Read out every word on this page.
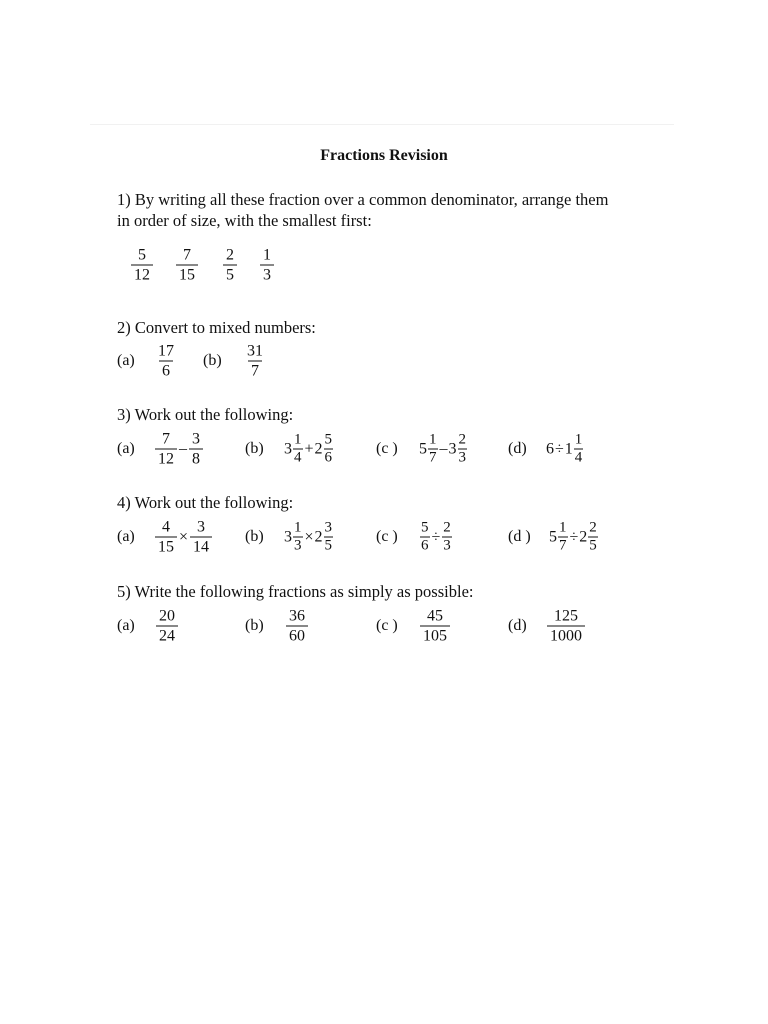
Fractions Revision
1) By writing all these fraction over a common denominator, arrange them
in order of size, with the smallest first:
$\frac{5}{12} \frac{7}{15} \frac{2}{5} \frac{1}{3}$
2) Convert to mixed numbers:
$(a) \frac{17}{6} (b) \frac{31}{7}$
3) Work out the following:
$(a) \frac{7}{12} - \frac{3}{8}$	(b) $3 \frac{1}{4} + 2 \frac{5}{6}$	(c ) $5 \frac{1}{7} - 3 \frac{2}{3}$	(d) $6 \div 1 \frac{1}{4}$
4) Work out the following:
$(a) \frac{4}{15} \times \frac{3}{14} (b)$ $3 \frac{1}{3} \times 2 \frac{3}{5}$	(c ) $\frac{5}{6} \div \frac{2}{3}$	(d ) $5 \frac{1}{7} \div 2 \frac{2}{5}$
5) Write the following fractions as simply as possible:
$(a) \frac{20}{24}$	$(b) \frac{36}{60}$	(c ) $\frac{45}{105}$	$(d) \frac{125}{1000}$
